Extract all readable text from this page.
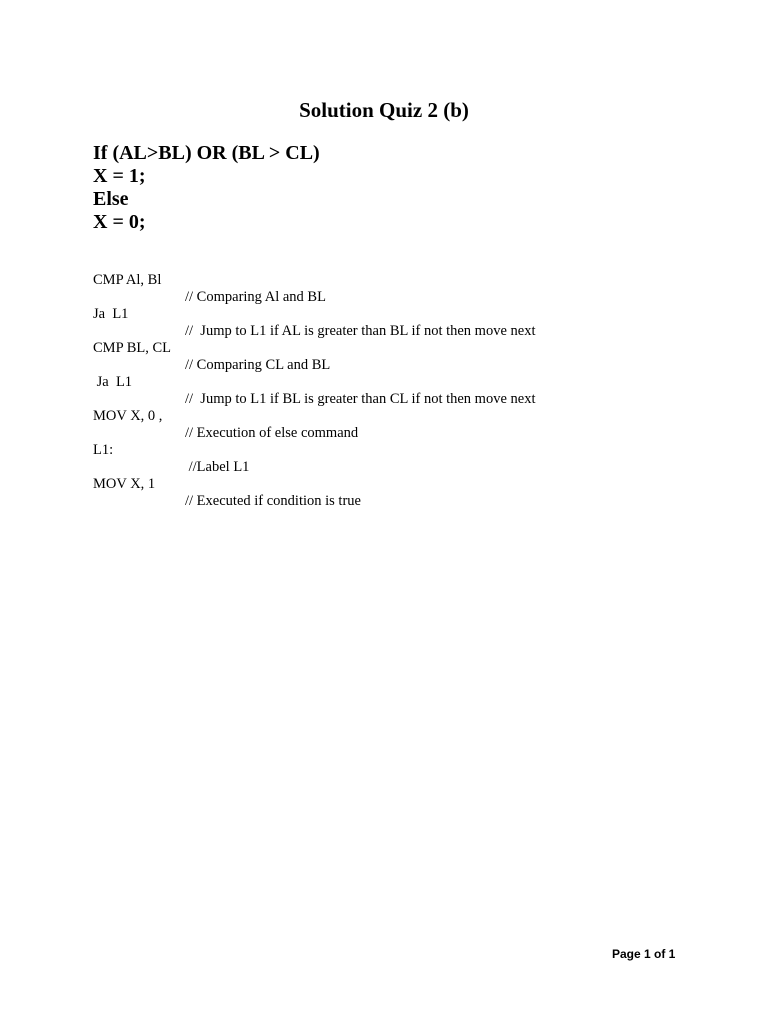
Solution Quiz 2 (b)
If (AL>BL) OR (BL > CL)
X = 1;
Else
X = 0;
CMP Al, Bl
// Comparing Al and BL
Ja  L1
//  Jump to L1 if AL is greater than BL if not then move next
CMP BL, CL
// Comparing CL and BL
Ja  L1
//  Jump to L1 if BL is greater than CL if not then move next
MOV X, 0 ,
// Execution of else command
L1:
//Label L1
MOV X, 1
// Executed if condition is true
Page 1 of 1
